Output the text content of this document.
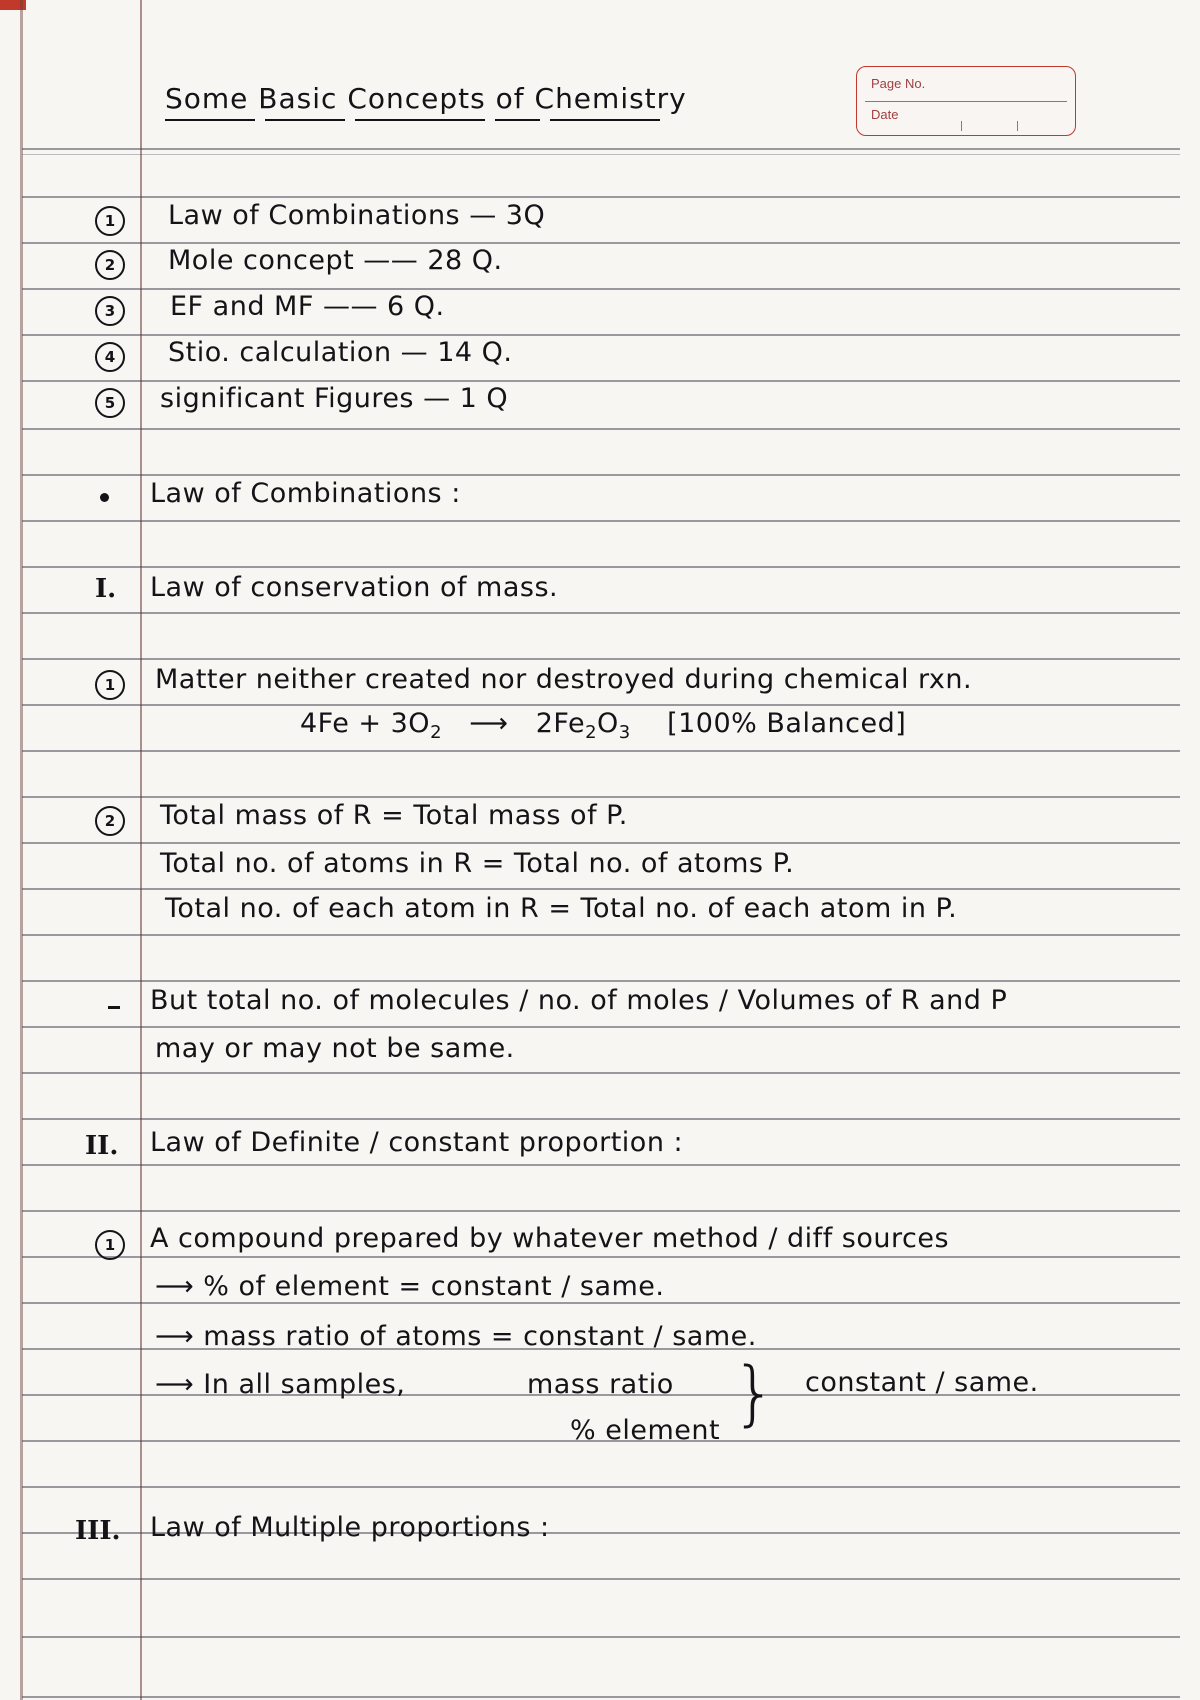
Some Basic Concepts of Chemistry	Page No.
Date
1	Law of Combinations — 3Q
2	Mole concept —— 28 Q.
3	EF and MF —— 6 Q.
4	Stio. calculation — 14 Q.
5	significant Figures — 1 Q
Law of Combinations :
I. Law of conservation of mass.
1	Matter neither created nor destroyed during chemical rxn.
$4Fe + 3O_2$ ⟶ $2Fe_2O_3$ [100% Balanced]
2	Total mass of R = Total mass of P.
Total no. of atoms in R = Total no. of atoms P.
Total no. of each atom in R = Total no. of each atom in P.
But total no. of molecules / no. of moles / Volumes of R and P
may or may not be same.
II. Law of Definite / constant proportion :
1	A compound prepared by whatever method / diff sources
⟶ % of element = constant / same.
⟶ mass ratio of atoms = constant / same.
⟶ In all samples,	mass ratio
% element } constant / same.
III. Law of Multiple proportions :
